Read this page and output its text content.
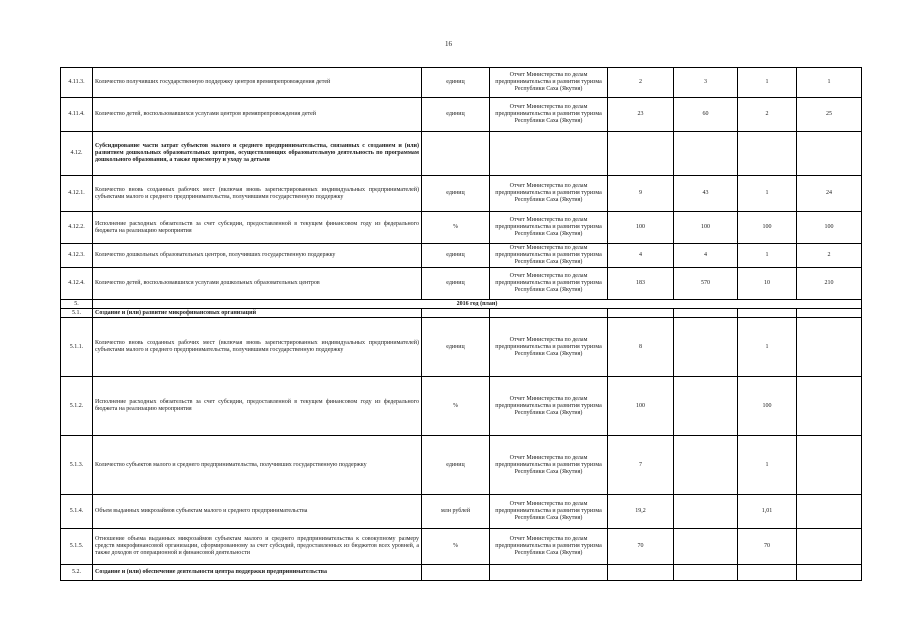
16
4.11.3.	Количество получивших государственную поддержку центров времяпрепровождения детей	единиц	Отчет Министерства по делам предпринимательства и развития туризма Республики Саха (Якутия)	2	3	1	1
4.11.4.	Количество детей, воспользовавшихся услугами центров времяпрепровождения детей	единиц	Отчет Министерства по делам предпринимательства и развития туризма Республики Саха (Якутия)	23	60	2	25
4.12.	Субсидирование части затрат субъектов малого и среднего предпринимательства, связанных с созданием и (или) развитием дошкольных образовательных центров, осуществляющих образовательную деятельность по программам дошкольного образования, а также присмотру и уходу за детьми						
4.12.1.	Количество вновь созданных рабочих мест (включая вновь зарегистрированных индивидуальных предпринимателей) субъектами малого и среднего предпринимательства, получившими государственную поддержку	единиц	Отчет Министерства по делам предпринимательства и развития туризма Республики Саха (Якутия)	9	43	1	24
4.12.2.	Исполнение расходных обязательств за счет субсидии, предоставленной в текущем финансовом году из федерального бюджета на реализацию мероприятия	%	Отчет Министерства по делам предпринимательства и развития туризма Республики Саха (Якутия)	100	100	100	100
4.12.3.	Количество дошкольных образовательных центров, получивших государственную поддержку	единиц	Отчет Министерства по делам предпринимательства и развития туризма Республики Саха (Якутия)	4	4	1	2
4.12.4.	Количество детей, воспользовавшихся услугами дошкольных образовательных центров	единиц	Отчет Министерства по делам предпринимательства и развития туризма Республики Саха (Якутия)	183	570	10	210
5.	2016 год (план)						
5.1.	Создание и (или) развитие микрофинансовых организаций						
5.1.1.	Количество вновь созданных рабочих мест (включая вновь зарегистрированных индивидуальных предпринимателей) субъектами малого и среднего предпринимательства, получившими государственную поддержку	единиц	Отчет Министерства по делам предпринимательства и развития туризма Республики Саха (Якутия)	8		1	
5.1.2.	Исполнение расходных обязательств за счет субсидии, предоставленной в текущем финансовом году из федерального бюджета на реализацию мероприятия	%	Отчет Министерства по делам предпринимательства и развития туризма Республики Саха (Якутия)	100		100	
5.1.3.	Количество субъектов малого и среднего предпринимательства, получивших государственную поддержку	единиц	Отчет Министерства по делам предпринимательства и развития туризма Республики Саха (Якутия)	7		1	
5.1.4.	Объем выданных микрозаймов субъектам малого и среднего предпринимательства	млн рублей	Отчет Министерства по делам предпринимательства и развития туризма Республики Саха (Якутия)	19,2		1,01	
5.1.5.	Отношение объема выданных микрозаймов субъектам малого и среднего предпринимательства к совокупному размеру средств микрофинансовой организации, сформированному за счет субсидий, предоставленных из бюджетов всех уровней, а также доходов от операционной и финансовой деятельности	%	Отчет Министерства по делам предпринимательства и развития туризма Республики Саха (Якутия)	70		70	
5.2.	Создание и (или) обеспечение деятельности центра поддержки предпринимательства						
